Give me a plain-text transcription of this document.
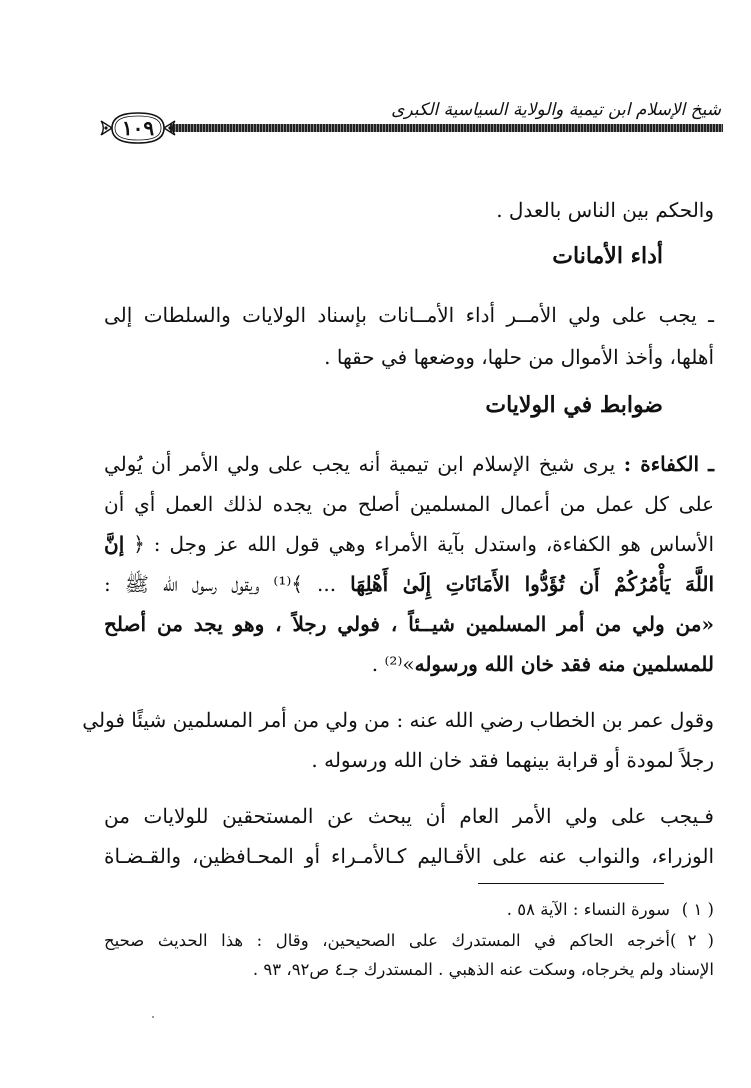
شيخ الإسلام ابن تيمية والولاية السياسية الكبرى
١٠٩
والحكم بين الناس بالعدل .
أداء الأمانات
ـ يجب على ولي الأمــر أداء الأمــانات بإسناد الولايات والسلطات إلى
أهلها، وأخذ الأموال من حلها، ووضعها في حقها .
ضوابط في الولايات
ـ الكفاءة : يرى شيخ الإسلام ابن تيمية أنه يجب على ولي الأمر أن يُولي
على كل عمل من أعمال المسلمين أصلح من يجده لذلك العمل أي أن
الأساس هو الكفاءة، واستدل بآية الأمراء وهي قول الله عز وجل : ﴿ إنَّ
اللَّهَ يَأْمُرُكُمْ أَن تُؤَدُّوا الأَمَانَاتِ إِلَىٰ أَهْلِهَا ... ﴾⁽¹⁾ ويقول رسول الله ﷺ :
«من ولي من أمر المسلمين شيــئاً ، فولي رجلاً ، وهو يجد من أصلح
للمسلمين منه فقد خان الله ورسوله»⁽²⁾ .
وقول عمر بن الخطاب رضي الله عنه : من ولي من أمر المسلمين شيئًا فولي
رجلاً لمودة أو قرابة بينهما فقد خان الله ورسوله .
فـيجب على ولي الأمر العام أن يبحث عن المستحقين للولايات من
الوزراء، والنواب عنه على الأقـاليم كـالأمـراء أو المحـافظين، والقـضـاة
( ١ )سورة النساء : الآية ٥٨ .
( ٢ )أخرجه الحاكم في المستدرك على الصحيحين، وقال : هذا الحديث صحيح
الإسناد ولم يخرجاه، وسكت عنه الذهبي . المستدرك جـ٤ ص٩٢، ٩٣ .
